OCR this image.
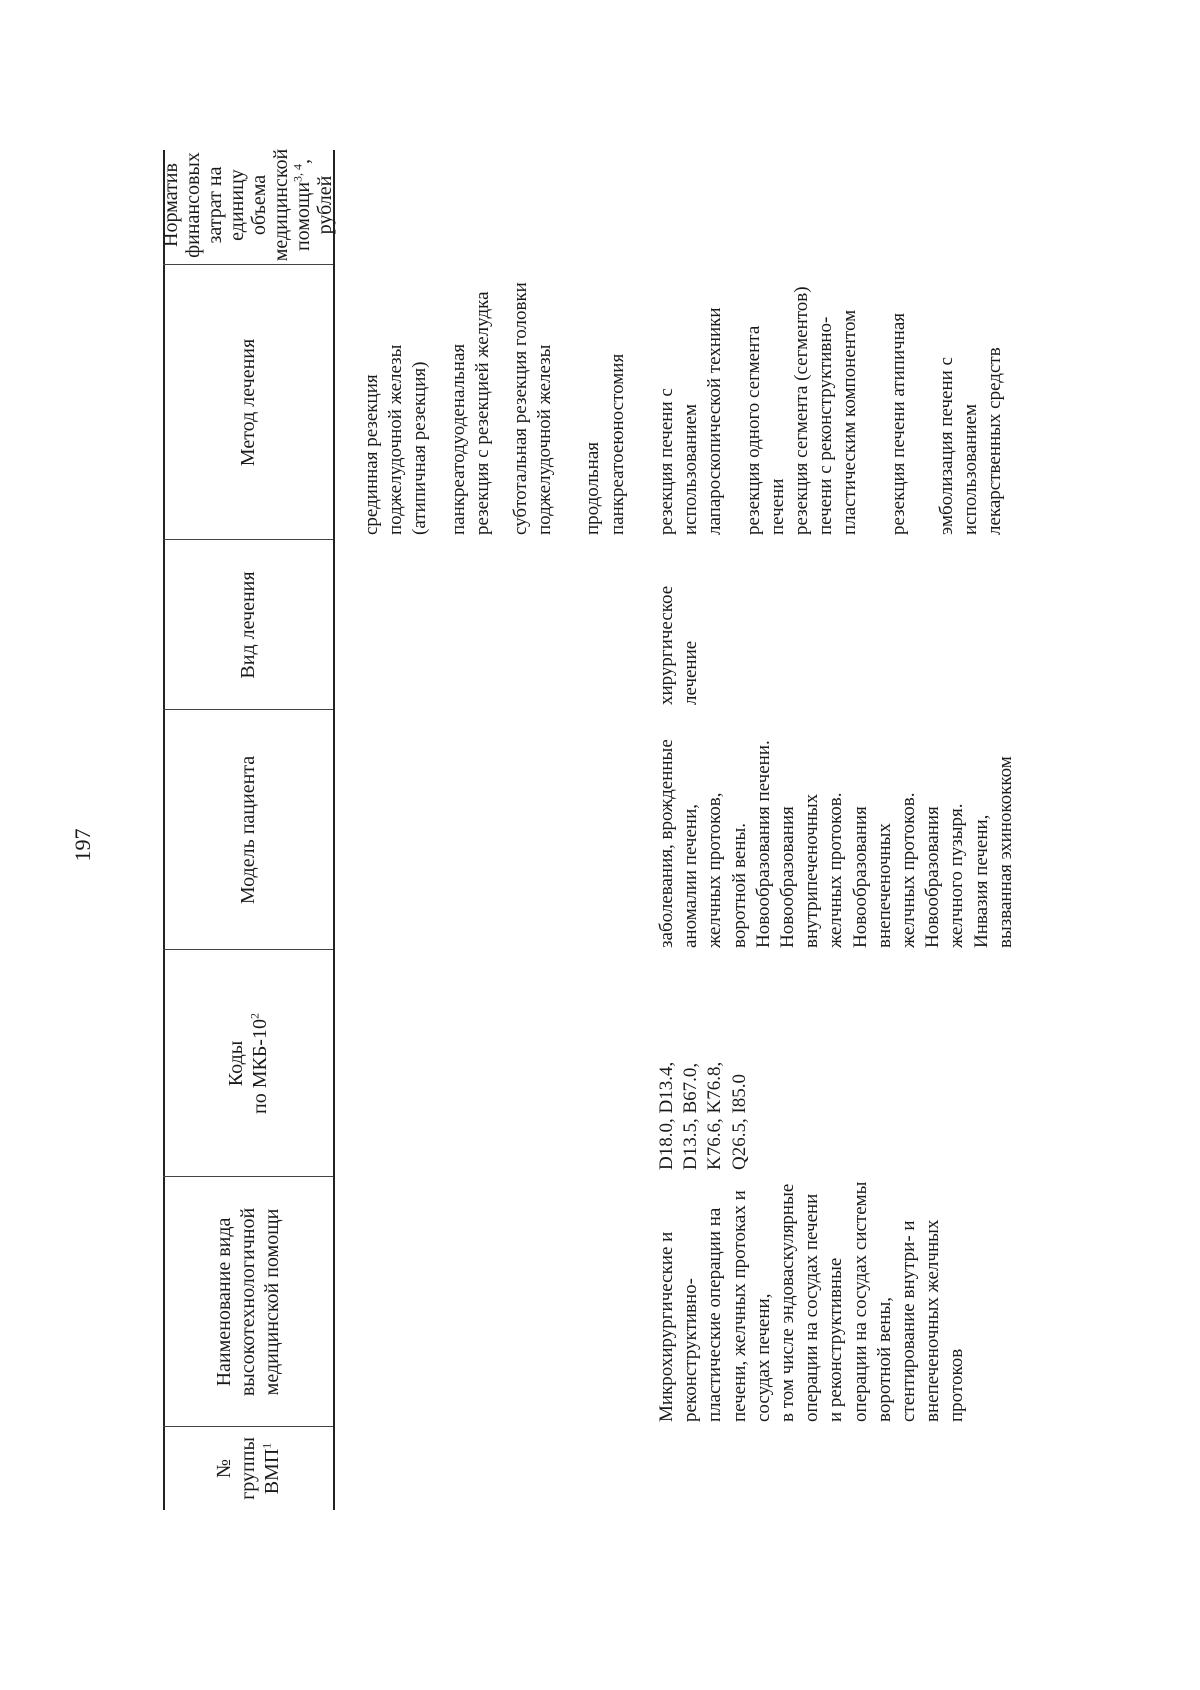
197
№ группы ВМП$^1$
Наименование вида высокотехнологичной медицинской помощи
Коды по МКБ-$10^2$
Модель пациента
Вид лечения
Метод лечения
Норматив финансовых затрат на единицу объема медицинской помощи$^{3, 4}$,
рублей
срединная резекция поджелудочной железы (атипичная резекция) панкреатодуоденальная резекция с резекцией желудка субтотальная резекция головки поджелудочной железы продольная панкреатоеюностомия
Микрохирургические и реконструктивно- пластические операции на печени, желчных протоках и сосудах печени, в том числе эндоваскулярные операции на сосудах печени и реконструктивные операции на сосудах системы воротной вены, стентирование внутри- и внепеченочных желчных протоков
D18.0, D13.4, D13.5, B67.0, K76.6, K76.8, Q26.5, I85.0
заболевания, врожденные аномалии печени, желчных протоков, воротной вены. Новообразования печени. Новообразования внутрипеченочных желчных протоков. Новообразования внепеченочных желчных протоков. Новообразования желчного пузыря. Инвазия печени, вызванная эхинококком
хирургическое лечение
резекция печени с использованием лапароскопической техники резекция одного сегмента печени резекция сегмента (сегментов) печени с реконструктивно- пластическим компонентом резекция печени атипичная эмболизация печени с использованием лекарственных средств
